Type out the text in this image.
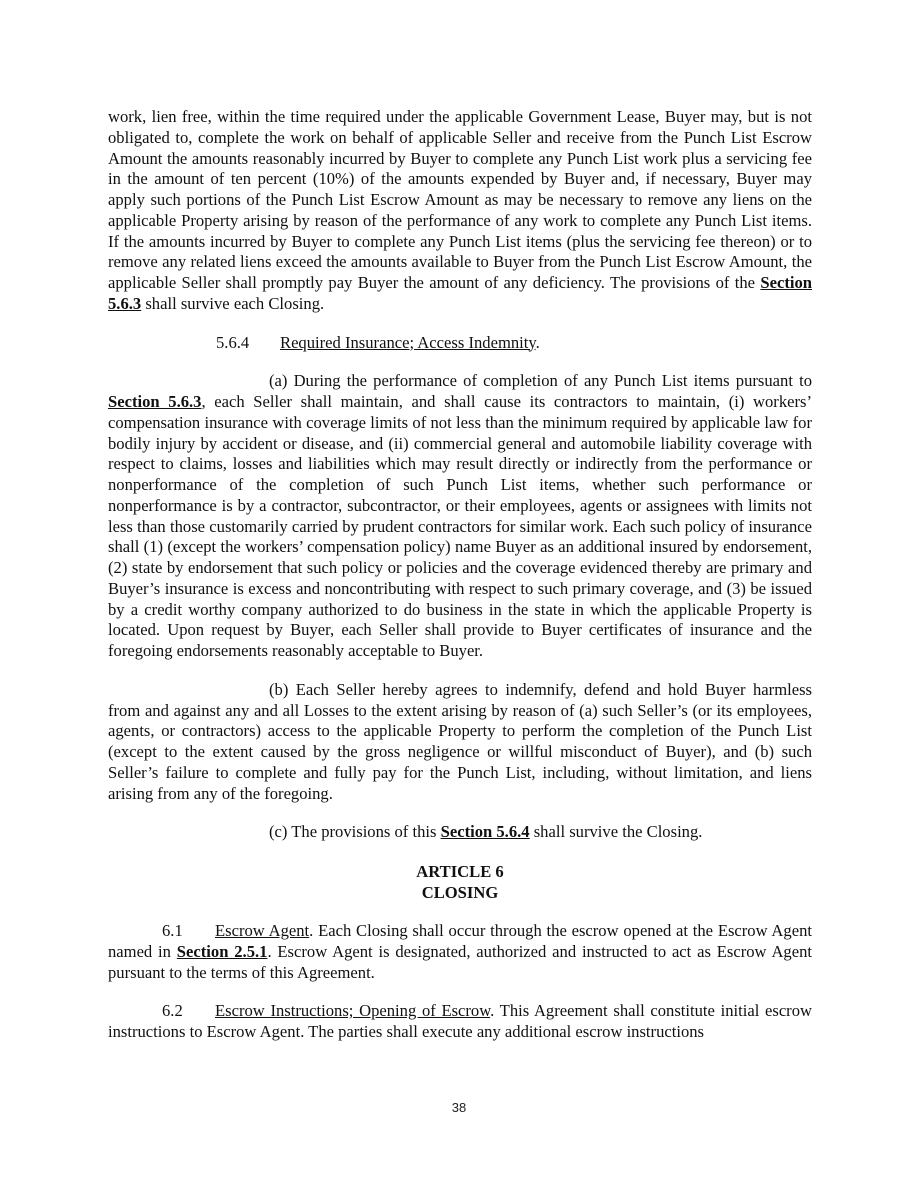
work, lien free, within the time required under the applicable Government Lease, Buyer may, but is not obligated to, complete the work on behalf of applicable Seller and receive from the Punch List Escrow Amount the amounts reasonably incurred by Buyer to complete any Punch List work plus a servicing fee in the amount of ten percent (10%) of the amounts expended by Buyer and, if necessary, Buyer may apply such portions of the Punch List Escrow Amount as may be necessary to remove any liens on the applicable Property arising by reason of the performance of any work to complete any Punch List items. If the amounts incurred by Buyer to complete any Punch List items (plus the servicing fee thereon) or to remove any related liens exceed the amounts available to Buyer from the Punch List Escrow Amount, the applicable Seller shall promptly pay Buyer the amount of any deficiency. The provisions of the Section 5.6.3 shall survive each Closing.

5.6.4 Required Insurance; Access Indemnity.

(a) During the performance of completion of any Punch List items pursuant to Section 5.6.3, each Seller shall maintain, and shall cause its contractors to maintain, (i) workers’ compensation insurance with coverage limits of not less than the minimum required by applicable law for bodily injury by accident or disease, and (ii) commercial general and automobile liability coverage with respect to claims, losses and liabilities which may result directly or indirectly from the performance or nonperformance of the completion of such Punch List items, whether such performance or nonperformance is by a contractor, subcontractor, or their employees, agents or assignees with limits not less than those customarily carried by prudent contractors for similar work. Each such policy of insurance shall (1) (except the workers’ compensation policy) name Buyer as an additional insured by endorsement, (2) state by endorsement that such policy or policies and the coverage evidenced thereby are primary and Buyer’s insurance is excess and noncontributing with respect to such primary coverage, and (3) be issued by a credit worthy company authorized to do business in the state in which the applicable Property is located. Upon request by Buyer, each Seller shall provide to Buyer certificates of insurance and the foregoing endorsements reasonably acceptable to Buyer.

(b) Each Seller hereby agrees to indemnify, defend and hold Buyer harmless from and against any and all Losses to the extent arising by reason of (a) such Seller’s (or its employees, agents, or contractors) access to the applicable Property to perform the completion of the Punch List (except to the extent caused by the gross negligence or willful misconduct of Buyer), and (b) such Seller’s failure to complete and fully pay for the Punch List, including, without limitation, and liens arising from any of the foregoing.

(c) The provisions of this Section 5.6.4 shall survive the Closing.

ARTICLE 6
CLOSING

6.1 Escrow Agent. Each Closing shall occur through the escrow opened at the Escrow Agent named in Section 2.5.1. Escrow Agent is designated, authorized and instructed to act as Escrow Agent pursuant to the terms of this Agreement.

6.2 Escrow Instructions; Opening of Escrow. This Agreement shall constitute initial escrow instructions to Escrow Agent. The parties shall execute any additional escrow instructions

38
